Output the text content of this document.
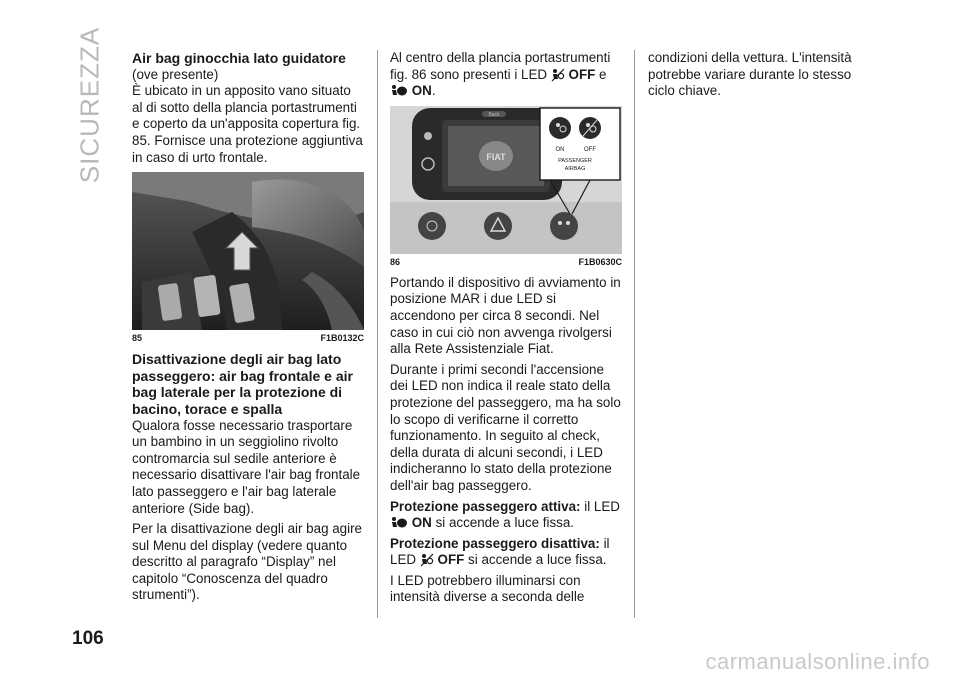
SICUREZZA
106
Air bag ginocchia lato guidatore

(ove presente)

È ubicato in un apposito vano situato al di sotto della plancia portastrumenti e coperto da un'apposita copertura fig. 85. Fornisce una protezione aggiuntiva in caso di urto frontale.

85	F1B0132C
Disattivazione degli air bag lato passeggero: air bag frontale e air bag laterale per la protezione di bacino, torace e spalla

Qualora fosse necessario trasportare un bambino in un seggiolino rivolto contromarcia sul sedile anteriore è necessario disattivare l'air bag frontale lato passeggero e l'air bag laterale anteriore (Side bag).

Per la disattivazione degli air bag agire sul Menu del display (vedere quanto descritto al paragrafo “Display” nel capitolo “Conoscenza del quadro strumenti”).

Al centro della plancia portastrumenti fig. 86 sono presenti i LED OFF e
ON.

FIAT
Back
ON	OFF
PASSENGER
AIRBAG
86	F1B0630C

Portando il dispositivo di avviamento in posizione MAR i due LED si accendono per circa 8 secondi. Nel caso in cui ciò non avvenga rivolgersi alla Rete Assistenziale Fiat.

Durante i primi secondi l'accensione dei LED non indica il reale stato della protezione del passeggero, ma ha solo lo scopo di verificarne il corretto funzionamento. In seguito al check, della durata di alcuni secondi, i LED indicheranno lo stato della protezione dell'air bag passeggero.

Protezione passeggero attiva: il LED
ON si accende a luce fissa.

Protezione passeggero disattiva: il LED OFF si accende a luce fissa.

I LED potrebbero illuminarsi con intensità diverse a seconda delle

condizioni della vettura. L'intensità potrebbe variare durante lo stesso ciclo chiave.

carmanualsonline.info
